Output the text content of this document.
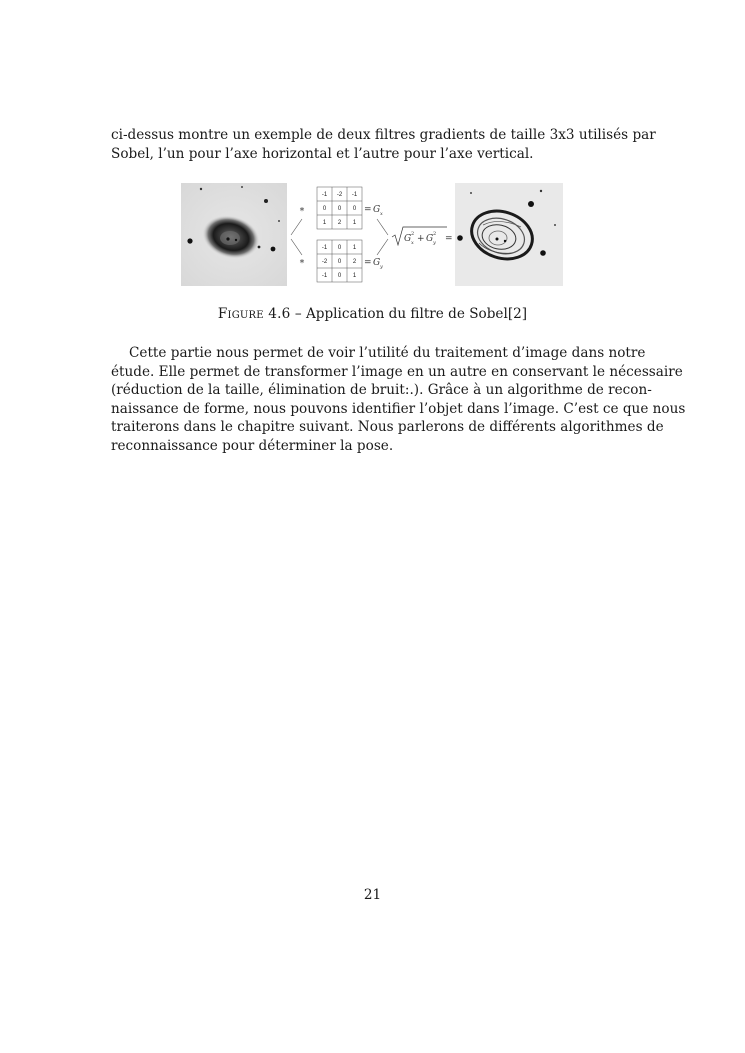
ci-dessus montre un exemple de deux filtres gradients de taille 3x3 utilisés par
Sobel, l’un pour l’axe horizontal et l’autre pour l’axe vertical.

*
*
-1 -2 -1
0 0 0
1 2 1
= G x
-1 0 1
-2 0 2
-1 0 1
= G y
G 2
x + G 2
y =
Figure 4.6 – Application du filtre de Sobel[2]

Cette partie nous permet de voir l’utilité du traitement d’image dans notre
étude. Elle permet de transformer l’image en un autre en conservant le nécessaire
(réduction de la taille, élimination de bruit:.). Grâce à un algorithme de recon-
naissance de forme, nous pouvons identifier l’objet dans l’image. C’est ce que nous
traiterons dans le chapitre suivant. Nous parlerons de différents algorithmes de
reconnaissance pour déterminer la pose.

21
